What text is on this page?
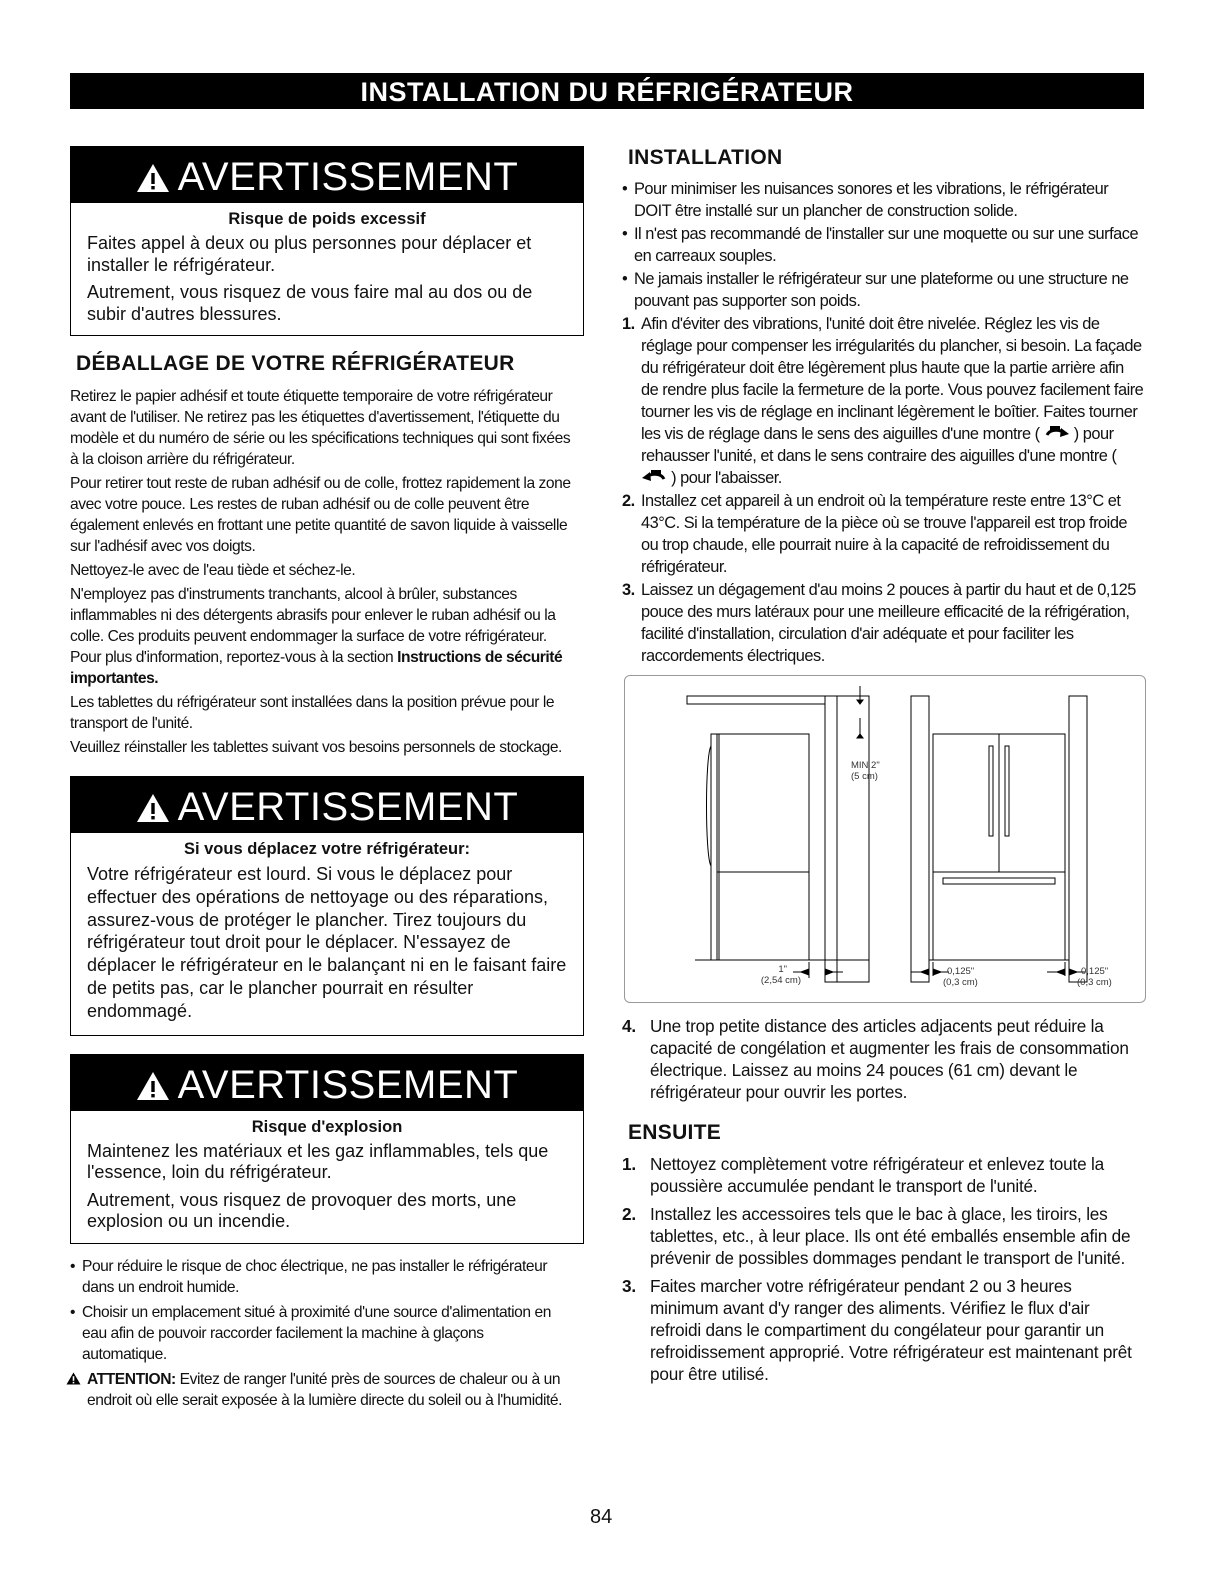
INSTALLATION DU RÉFRIGÉRATEUR
AVERTISSEMENT
Risque de poids excessif

Faites appel à deux ou plus personnes pour déplacer et installer le réfrigérateur.

Autrement, vous risquez de vous faire mal au dos ou de subir d'autres blessures.

DÉBALLAGE DE VOTRE RÉFRIGÉRATEUR

Retirez le papier adhésif et toute étiquette temporaire de votre réfrigérateur avant de l'utiliser. Ne retirez pas les étiquettes d'avertissement, l'étiquette du modèle et du numéro de série ou les spécifications techniques qui sont fixées à la cloison arrière du réfrigérateur.

Pour retirer tout reste de ruban adhésif ou de colle, frottez rapidement la zone avec votre pouce. Les restes de ruban adhésif ou de colle peuvent être également enlevés en frottant une petite quantité de savon liquide à vaisselle sur l'adhésif avec vos doigts.

Nettoyez-le avec de l'eau tiède et séchez-le.

N'employez pas d'instruments tranchants, alcool à brûler, substances inflammables ni des détergents abrasifs pour enlever le ruban adhésif ou la colle. Ces produits peuvent endommager la surface de votre réfrigérateur. Pour plus d'information, reportez-vous à la section Instructions de sécurité importantes.

Les tablettes du réfrigérateur sont installées dans la position prévue pour le transport de l'unité.

Veuillez réinstaller les tablettes suivant vos besoins personnels de stockage.

AVERTISSEMENT
Si vous déplacez votre réfrigérateur:

Votre réfrigérateur est lourd. Si vous le déplacez pour effectuer des opérations de nettoyage ou des réparations, assurez-vous de protéger le plancher. Tirez toujours du réfrigérateur tout droit pour le déplacer. N'essayez de déplacer le réfrigérateur en le balançant ni en le faisant faire de petits pas, car le plancher pourrait en résulter endommagé.

AVERTISSEMENT
Risque d'explosion

Maintenez les matériaux et les gaz inflammables, tels que l'essence, loin du réfrigérateur.

Autrement, vous risquez de provoquer des morts, une explosion ou un incendie.

• Pour réduire le risque de choc électrique, ne pas installer le réfrigérateur dans un endroit humide.

• Choisir un emplacement situé à proximité d'une source d'alimentation en eau afin de pouvoir raccorder facilement la machine à glaçons automatique.

ATTENTION: Evitez de ranger l'unité près de sources de chaleur ou à un endroit où elle serait exposée à la lumière directe du soleil ou à l'humidité.

INSTALLATION

• Pour minimiser les nuisances sonores et les vibrations, le réfrigérateur DOIT être installé sur un plancher de construction solide.

• Il n'est pas recommandé de l'installer sur une moquette ou sur une surface en carreaux souples.

• Ne jamais installer le réfrigérateur sur une plateforme ou une structure ne pouvant pas supporter son poids.

1. Afin d'éviter des vibrations, l'unité doit être nivelée. Réglez les vis de réglage pour compenser les irrégularités du plancher, si besoin. La façade du réfrigérateur doit être légèrement plus haute que la partie arrière afin de rendre plus facile la fermeture de la porte. Vous pouvez facilement faire tourner les vis de réglage en inclinant légèrement le boîtier. Faites tourner les vis de réglage dans le sens des aiguilles d'une montre ( ) pour rehausser l'unité, et dans le sens contraire des aiguilles d'une montre (  ) pour l'abaisser.

2. Installez cet appareil à un endroit où la température reste entre 13°C et 43°C. Si la température de la pièce où se trouve l'appareil est trop froide ou trop chaude, elle pourrait nuire à la capacité de refroidissement du réfrigérateur.

3. Laissez un dégagement d'au moins 2 pouces à partir du haut et de 0,125 pouce des murs latéraux pour une meilleure efficacité de la réfrigération, facilité d'installation, circulation d'air adéquate et pour faciliter les raccordements électriques.

MIN 2"
(5 cm)
1"
(2,54 cm)
0,125"
(0,3 cm)
0,125"
(0,3 cm)

4. Une trop petite distance des articles adjacents peut réduire la capacité de congélation et augmenter les frais de consommation électrique. Laissez au moins 24 pouces (61 cm) devant le réfrigérateur pour ouvrir les portes.

ENSUITE

1. Nettoyez complètement votre réfrigérateur et enlevez toute la poussière accumulée pendant le transport de l'unité.

2. Installez les accessoires tels que le bac à glace, les tiroirs, les tablettes, etc., à leur place. Ils ont été emballés ensemble afin de prévenir de possibles dommages pendant le transport de l'unité.

3. Faites marcher votre réfrigérateur pendant 2 ou 3 heures minimum avant d'y ranger des aliments. Vérifiez le flux d'air refroidi dans le compartiment du congélateur pour garantir un refroidissement approprié. Votre réfrigérateur est maintenant prêt pour être utilisé.

84
